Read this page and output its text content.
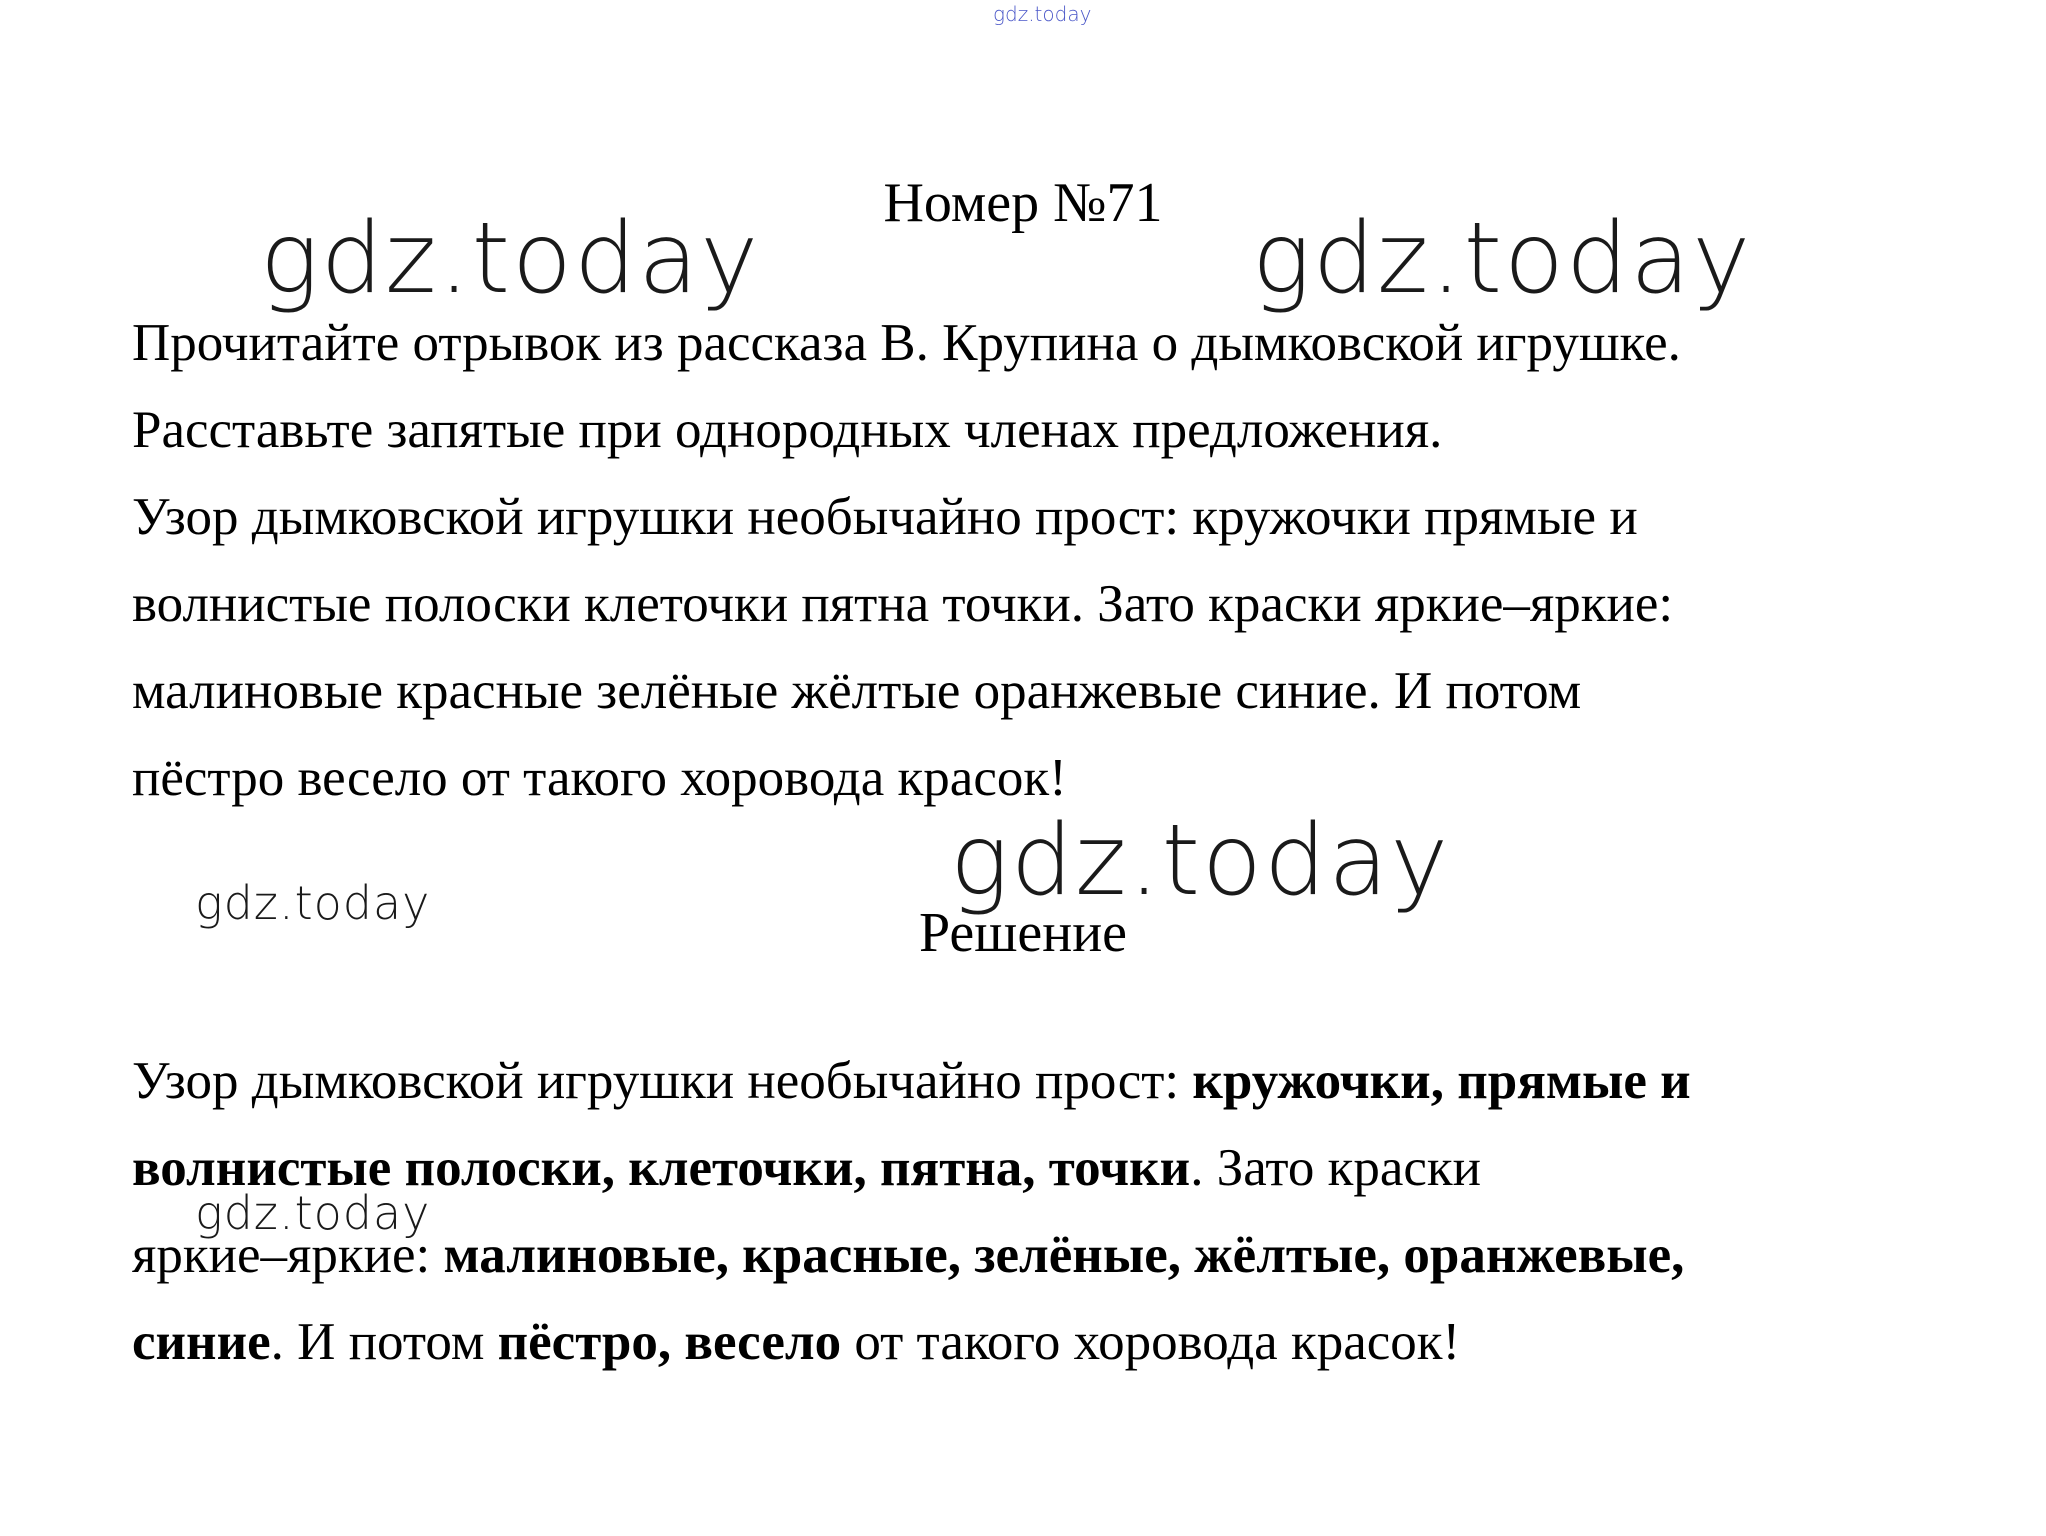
gdz.today
gdz.today	gdz.today
gdz.today
gdz.today
gdz.today
Номер №71
Прочитайте отрывок из рассказа В. Крупина о дымковской игрушке.
Расставьте запятые при однородных членах предложения.
Узор дымковской игрушки необычайно прост: кружочки прямые и
волнистые полоски клеточки пятна точки. Зато краски яркие–яркие:
малиновые красные зелёные жёлтые оранжевые синие. И потом
пёстро весело от такого хоровода красок!
Решение
Узор дымковской игрушки необычайно прост: кружочки, прямые и
волнистые полоски, клеточки, пятна, точки. Зато краски
яркие–яркие: малиновые, красные, зелёные, жёлтые, оранжевые,
синие. И потом пёстро, весело от такого хоровода красок!
